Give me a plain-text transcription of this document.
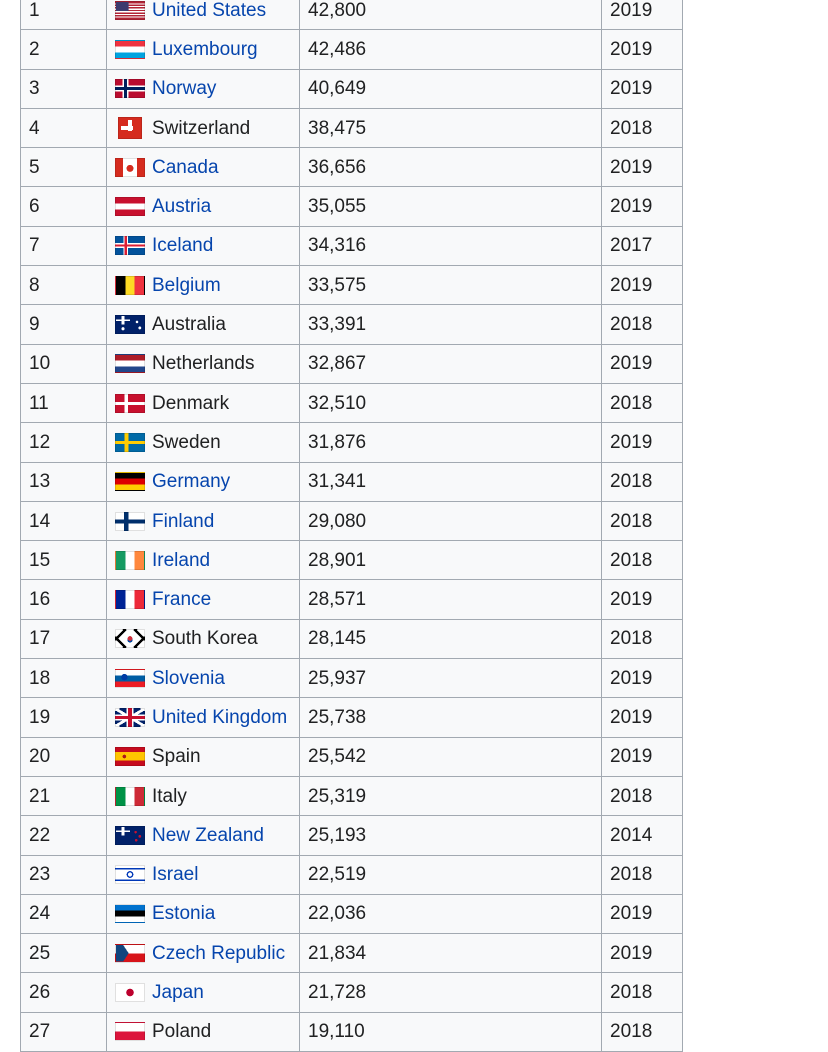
1	United States	42,800	2019
2	Luxembourg	42,486	2019
3	Norway	40,649	2019
4	Switzerland	38,475	2018
5	Canada	36,656	2019
6	Austria	35,055	2019
7	Iceland	34,316	2017
8	Belgium	33,575	2019
9	Australia	33,391	2018
10	Netherlands	32,867	2019
11	Denmark	32,510	2018
12	Sweden	31,876	2019
13	Germany	31,341	2018
14	Finland	29,080	2018
15	Ireland	28,901	2018
16	France	28,571	2019
17	South Korea	28,145	2018
18	Slovenia	25,937	2019
19	United Kingdom	25,738	2019
20	Spain	25,542	2019
21	Italy	25,319	2018
22	New Zealand	25,193	2014
23	Israel	22,519	2018
24	Estonia	22,036	2019
25	Czech Republic	21,834	2019
26	Japan	21,728	2018
27	Poland	19,110	2018
